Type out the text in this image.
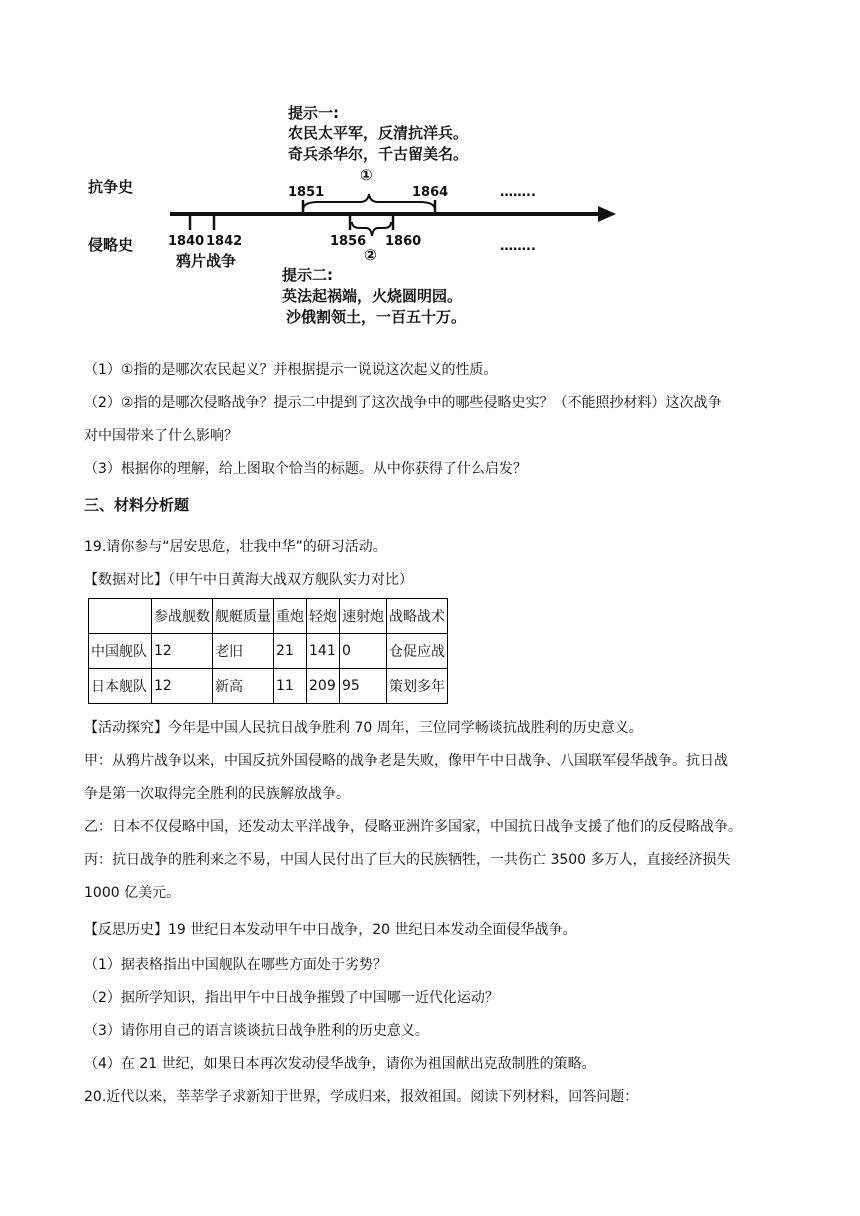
提示一:
农民太平军，反清抗洋兵。
奇兵杀华尔，千古留美名。
①
抗争史
侵略史
1851	1864	……..
1840 1842	1856 1860	……..
②
鸦片战争
提示二:
英法起祸端，火烧圆明园。
沙俄割领土，一百五十万。
（1）①指的是哪次农民起义？并根据提示一说说这次起义的性质。
（2）②指的是哪次侵略战争？提示二中提到了这次战争中的哪些侵略史实？（不能照抄材料）这次战争
对中国带来了什么影响？
（3）根据你的理解，给上图取个恰当的标题。从中你获得了什么启发？
三、材料分析题
19.请你参与“居安思危，壮我中华”的研习活动。
【数据对比】（甲午中日黄海大战双方舰队实力对比）
	参战舰数	舰艇质量	重炮	轻炮	速射炮	战略战术
中国舰队	12	老旧	21	141	0	仓促应战
日本舰队	12	新高	11	209	95	策划多年
【活动探究】今年是中国人民抗日战争胜利 70 周年，三位同学畅谈抗战胜利的历史意义。
甲：从鸦片战争以来，中国反抗外国侵略的战争老是失败，像甲午中日战争、八国联军侵华战争。抗日战
争是第一次取得完全胜利的民族解放战争。
乙：日本不仅侵略中国，还发动太平洋战争，侵略亚洲许多国家，中国抗日战争支援了他们的反侵略战争。
丙：抗日战争的胜利来之不易，中国人民付出了巨大的民族牺牲，一共伤亡 3500 多万人，直接经济损失
1000 亿美元。
【反思历史】19 世纪日本发动甲午中日战争，20 世纪日本发动全面侵华战争。
（1）据表格指出中国舰队在哪些方面处于劣势？
（2）据所学知识，指出甲午中日战争摧毁了中国哪一近代化运动？
（3）请你用自己的语言谈谈抗日战争胜利的历史意义。
（4）在 21 世纪，如果日本再次发动侵华战争，请你为祖国献出克敌制胜的策略。
20.近代以来，莘莘学子求新知于世界，学成归来，报效祖国。阅读下列材料，回答问题：
